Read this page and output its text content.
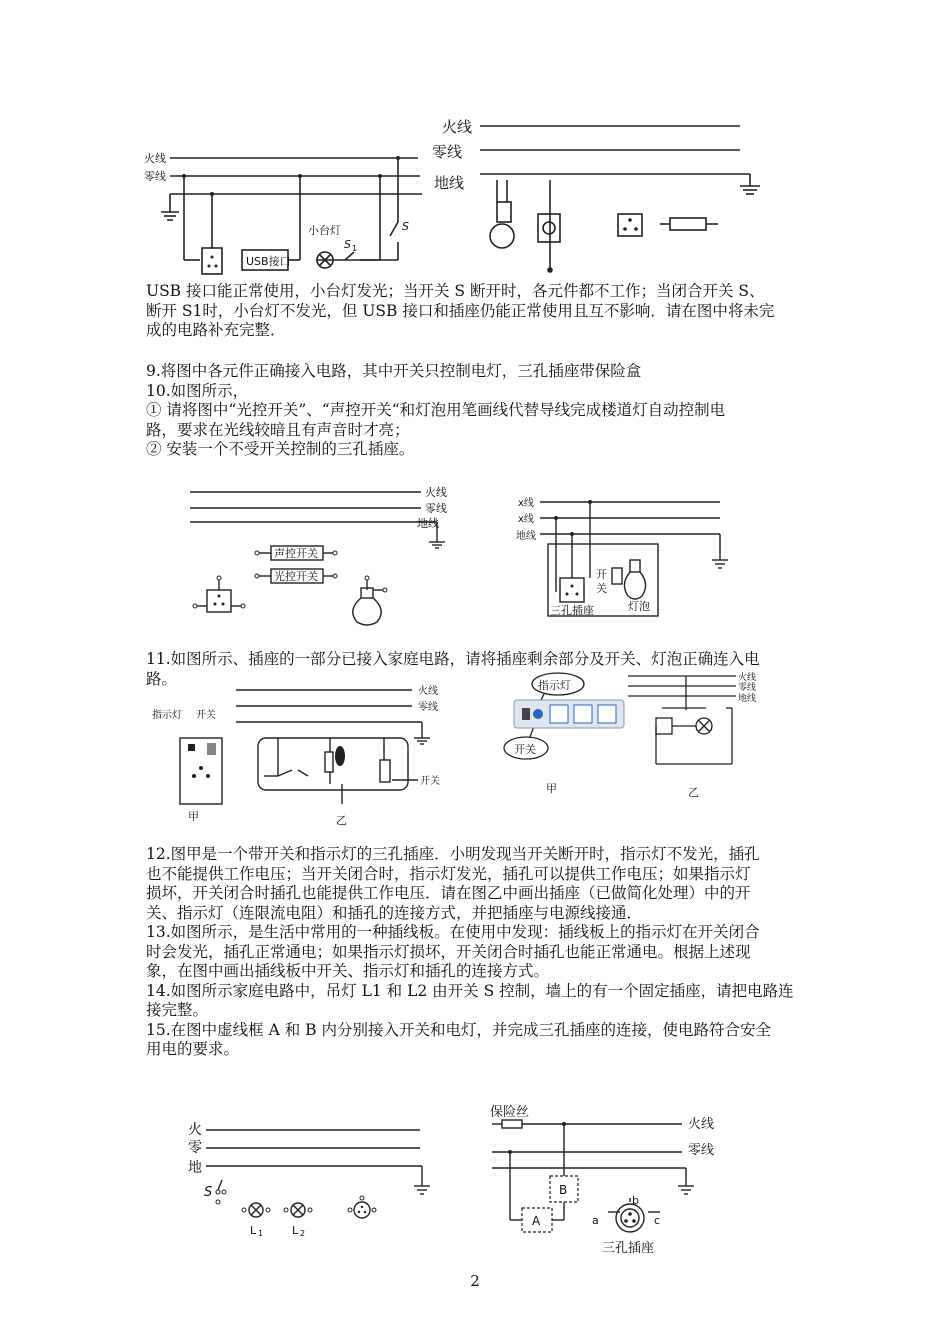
火线
零线
USB接口
小台灯
S 1
S
火线
零线
地线

USB 接口能正常使用，小台灯发光；当开关 S 断开时，各元件都不工作；当闭合开关 S、

断开 S1时，小台灯不发光，但 USB 接口和插座仍能正常使用且互不影响．请在图中将未完

成的电路补充完整．

9.将图中各元件正确接入电路，其中开关只控制电灯，三孔插座带保险盒

10.如图所示，

① 请将图中“光控开关”、“声控开关“和灯泡用笔画线代替导线完成楼道灯自动控制电

路，要求在光线较暗且有声音时才亮；

② 安装一个不受开关控制的三孔插座。

火线
零线
地线
声控开关
光控开关
x线
x线
地线
开
关
三孔插座	灯泡

11.如图所示、插座的一部分已接入家庭电路，请将插座剩余部分及开关、灯泡正确连入电

路。

指示灯 开关
火线
零线
开关
甲	乙
指示灯
开关
火线
零线
地线
甲	乙

12.图甲是一个带开关和指示灯的三孔插座．小明发现当开关断开时，指示灯不发光，插孔

也不能提供工作电压；当开关闭合时，指示灯发光，插孔可以提供工作电压；如果指示灯

损坏，开关闭合时插孔也能提供工作电压．请在图乙中画出插座（已做简化处理）中的开

关、指示灯（连限流电阻）和插孔的连接方式，并把插座与电源线接通．

13.如图所示，是生活中常用的一种插线板。在使用中发现：插线板上的指示灯在开关闭合

时会发光，插孔正常通电；如果指示灯损坏，开关闭合时插孔也能正常通电。根据上述现

象，在图中画出插线板中开关、指示灯和插孔的连接方式。

14.如图所示家庭电路中，吊灯 L1 和 L2 由开关 S 控制，墙上的有一个固定插座，请把电路连

接完整。

15.在图中虚线框 A 和 B 内分别接入开关和电灯，并完成三孔插座的连接，使电路符合安全

用电的要求。

火
零
地
S
L 1	L 2
保险丝
火线
零线
B
A	a
b
c
三孔插座
2
